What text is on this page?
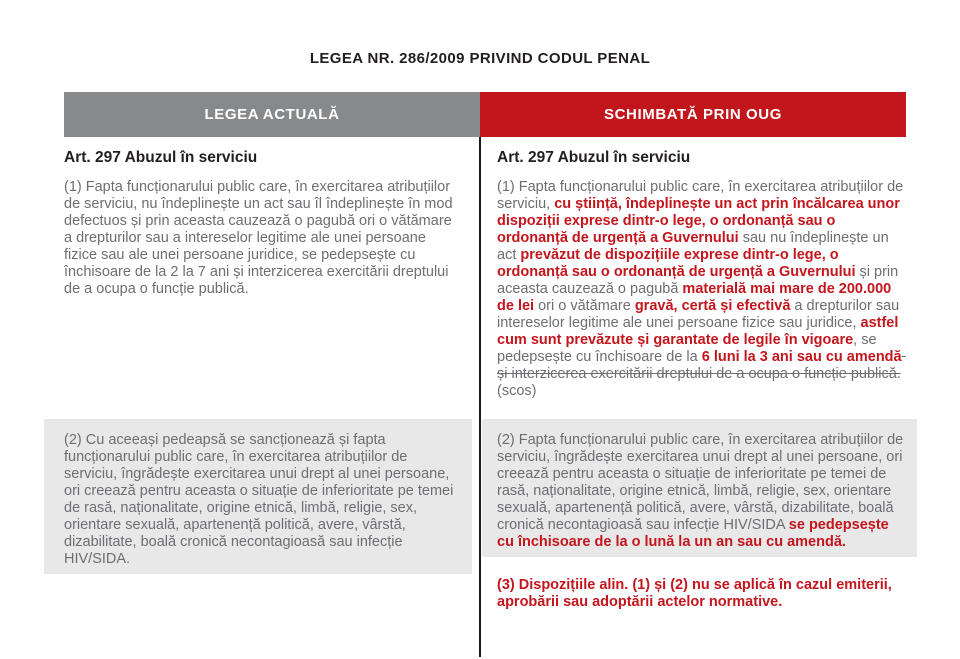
LEGEA NR. 286/2009 PRIVIND CODUL PENAL
LEGEA ACTUALĂ	SCHIMBATĂ PRIN OUG
Art. 297 Abuzul în serviciu

(1) Fapta funcționarului public care, în exercitarea atribuțiilor de serviciu, nu îndeplinește un act sau îl îndeplinește în mod defectuos și prin aceasta cauzează o pagubă ori o vătămare a drepturilor sau a intereselor legitime ale unei persoane fizice sau ale unei persoane juridice, se pedepsește cu închisoare de la 2 la 7 ani și interzicerea exercitării dreptului de a ocupa o funcție publică.

(2) Cu aceeași pedeapsă se sancționează și fapta funcționarului public care, în exercitarea atribuțiilor de serviciu, îngrădește exercitarea unui drept al unei persoane, ori creează pentru aceasta o situație de inferioritate pe temei de rasă, naționalitate, origine etnică, limbă, religie, sex, orientare sexuală, apartenență politică, avere, vârstă, dizabilitate, boală cronică necontagioasă sau infecție HIV/SIDA.

Art. 297 Abuzul în serviciu

(1) Fapta funcționarului public care, în exercitarea atribuțiilor de serviciu, cu știință, îndeplinește un act prin încălcarea unor dispoziții exprese dintr-o lege, o ordonanță sau o ordonanță de urgență a Guvernului sau nu îndeplinește un act prevăzut de dispozițiile exprese dintr-o lege, o ordonanță sau o ordonanță de urgență a Guvernului și prin aceasta cauzează o pagubă materială mai mare de 200.000 de lei ori o vătămare gravă, certă și efectivă a drepturilor sau intereselor legitime ale unei persoane fizice sau juridice, astfel cum sunt prevăzute și garantate de legile în vigoare, se pedepsește cu închisoare de la 6 luni la 3 ani sau cu amendă și interzicerea exercitării dreptului de a ocupa o funcție publică. (scos)

(2) Fapta funcționarului public care, în exercitarea atribuțiilor de serviciu, îngrădește exercitarea unui drept al unei persoane, ori creează pentru aceasta o situație de inferioritate pe temei de rasă, naționalitate, origine etnică, limbă, religie, sex, orientare sexuală, apartenență politică, avere, vârstă, dizabilitate, boală cronică necontagioasă sau infecție HIV/SIDA se pedepsește cu închisoare de la o lună la un an sau cu amendă.

(3) Dispozițiile alin. (1) și (2) nu se aplică în cazul emiterii, aprobării sau adoptării actelor normative.
